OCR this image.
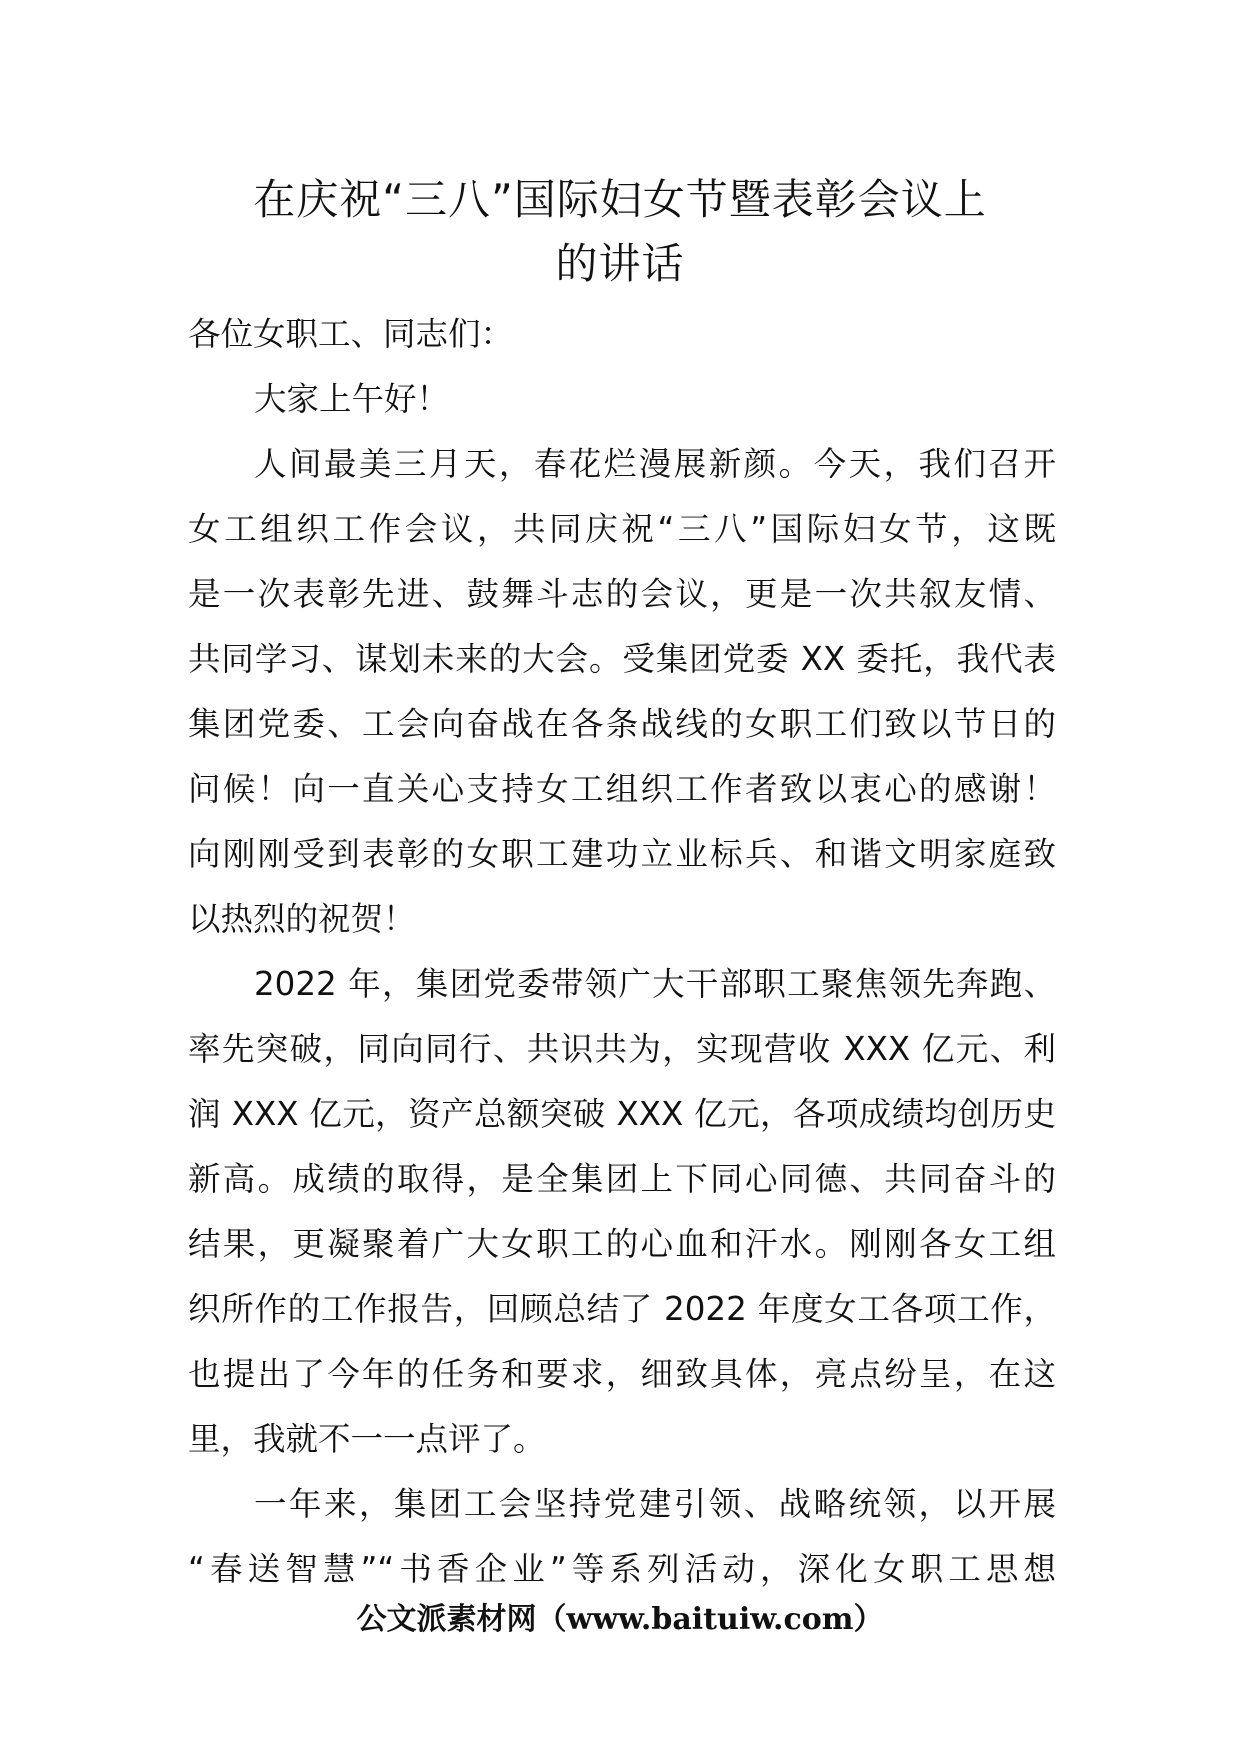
在庆祝“三八”国际妇女节暨表彰会议上
的讲话
各位女职工、同志们：
大家上午好！
人间最美三月天，春花烂漫展新颜。今天，我们召开
女工组织工作会议，共同庆祝“三八”国际妇女节，这既
是一次表彰先进、鼓舞斗志的会议，更是一次共叙友情、
共同学习、谋划未来的大会。受集团党委 XX 委托，我代表
集团党委、工会向奋战在各条战线的女职工们致以节日的
问候！向一直关心支持女工组织工作者致以衷心的感谢！
向刚刚受到表彰的女职工建功立业标兵、和谐文明家庭致
以热烈的祝贺！
2022 年，集团党委带领广大干部职工聚焦领先奔跑、
率先突破，同向同行、共识共为，实现营收 XXX 亿元、利
润 XXX 亿元，资产总额突破 XXX 亿元，各项成绩均创历史
新高。成绩的取得，是全集团上下同心同德、共同奋斗的
结果，更凝聚着广大女职工的心血和汗水。刚刚各女工组
织所作的工作报告，回顾总结了 2022 年度女工各项工作，
也提出了今年的任务和要求，细致具体，亮点纷呈，在这
里，我就不一一点评了。
一年来，集团工会坚持党建引领、战略统领，以开展
“春送智慧”“书香企业”等系列活动，深化女职工思想
公文派素材网（www.baituiw.com）
